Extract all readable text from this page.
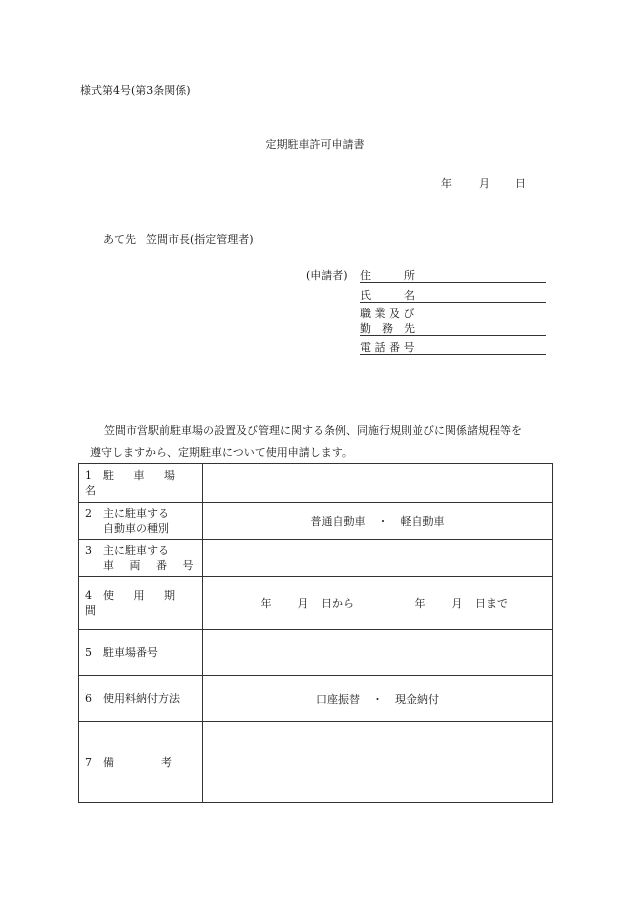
様式第4号(第3条関係)
定期駐車許可申請書
年 月 日
あて先 笠間市長(指定管理者)
(申請者) 住　　　所
氏　　　名
職 業 及 び
勤　務　先
電 話 番 号
笠間市営駅前駐車場の設置及び管理に関する条例、同施行規則並びに関係諸規程等を
遵守しますから、定期駐車について使用申請します。
1 駐 車 場 名	

2 主に駐車する
自動車の種別	普通自動車 ・ 軽自動車

3 主に駐車する
車 両 番 号	

4 使 用 期 間	年 月 日から 年 月 日まで
5 駐車場番号	
6 使用料納付方法	口座振替 ・ 現金納付
7 備 考	
